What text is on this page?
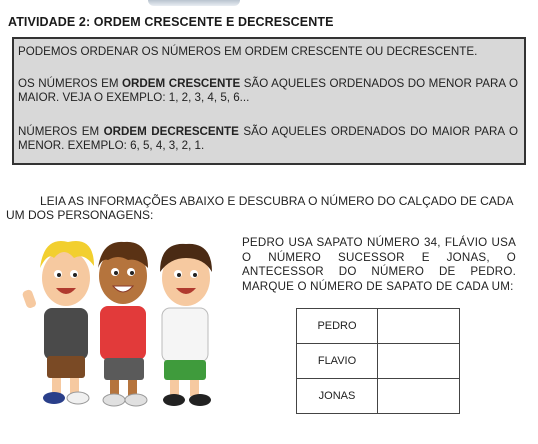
ATIVIDADE 2: ORDEM CRESCENTE E DECRESCENTE

PODEMOS ORDENAR OS NÚMEROS EM ORDEM CRESCENTE OU DECRESCENTE.

OS NÚMEROS EM ORDEM CRESCENTE SÃO AQUELES ORDENADOS DO MENOR PARA O MAIOR. VEJA O EXEMPLO: 1, 2, 3, 4, 5, 6...

NÚMEROS EM ORDEM DECRESCENTE SÃO AQUELES ORDENADOS DO MAIOR PARA O MENOR. EXEMPLO: 6, 5, 4, 3, 2, 1.

LEIA AS INFORMAÇÕES ABAIXO E DESCUBRA O NÚMERO DO CALÇADO DE CADA UM DOS PERSONAGENS:
PEDRO USA SAPATO NÚMERO 34, FLÁVIO USA O NÚMERO SUCESSOR E JONAS, O ANTECESSOR DO NÚMERO DE PEDRO. MARQUE O NÚMERO DE SAPATO DE CADA UM:
PEDRO	
FLAVIO	
JONAS	
